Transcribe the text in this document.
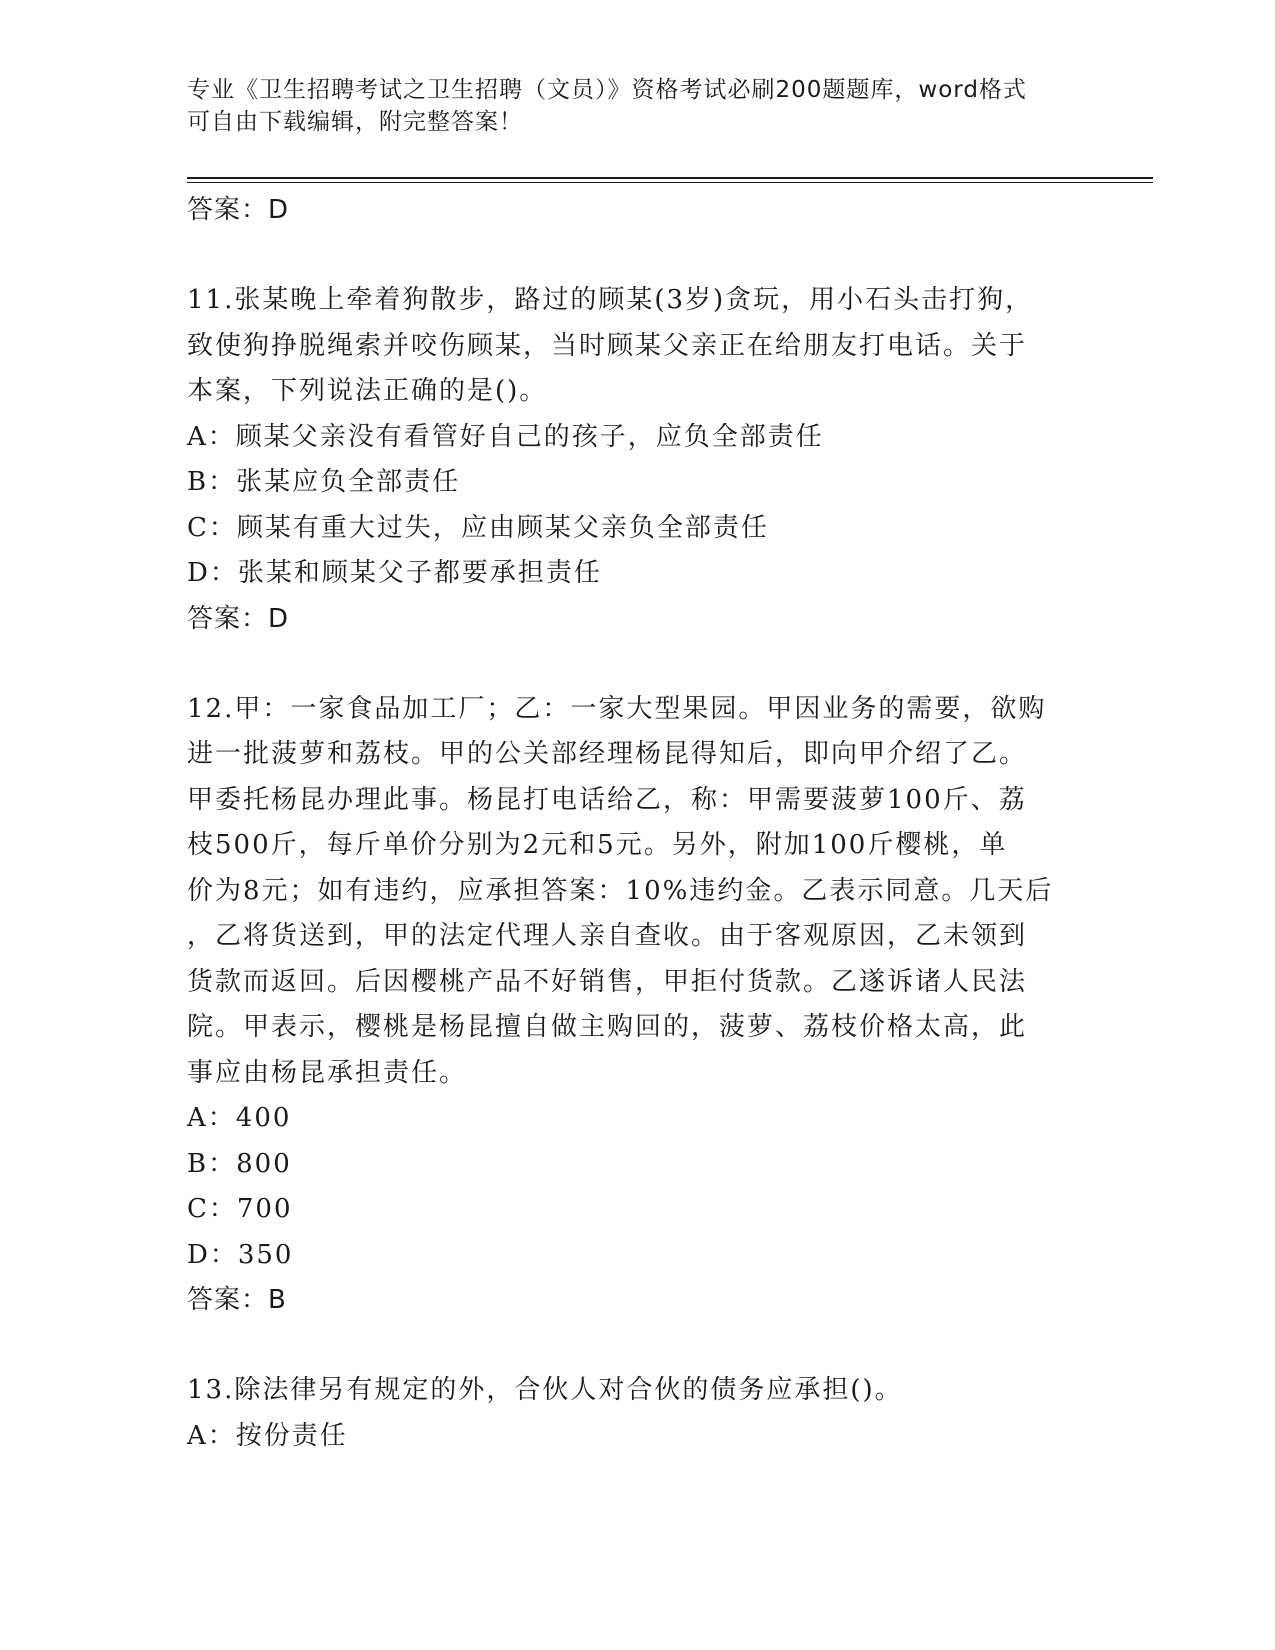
专业《卫生招聘考试之卫生招聘（文员）》资格考试必刷200题题库，word格式
可自由下载编辑，附完整答案！
答案：D
11.张某晚上牵着狗散步，路过的顾某(3岁)贪玩，用小石头击打狗，
致使狗挣脱绳索并咬伤顾某，当时顾某父亲正在给朋友打电话。关于
本案，下列说法正确的是()。
A：顾某父亲没有看管好自己的孩子，应负全部责任
B：张某应负全部责任
C：顾某有重大过失，应由顾某父亲负全部责任
D：张某和顾某父子都要承担责任
答案：D
12.甲：一家食品加工厂；乙：一家大型果园。甲因业务的需要，欲购
进一批菠萝和荔枝。甲的公关部经理杨昆得知后，即向甲介绍了乙。
甲委托杨昆办理此事。杨昆打电话给乙，称：甲需要菠萝100斤、荔
枝500斤，每斤单价分别为2元和5元。另外，附加100斤樱桃，单
价为8元；如有违约，应承担答案：10%违约金。乙表示同意。几天后
，乙将货送到，甲的法定代理人亲自查收。由于客观原因，乙未领到
货款而返回。后因樱桃产品不好销售，甲拒付货款。乙遂诉诸人民法
院。甲表示，樱桃是杨昆擅自做主购回的，菠萝、荔枝价格太高，此
事应由杨昆承担责任。
A：400
B：800
C：700
D：350
答案：B
13.除法律另有规定的外，合伙人对合伙的债务应承担()。
A：按份责任
